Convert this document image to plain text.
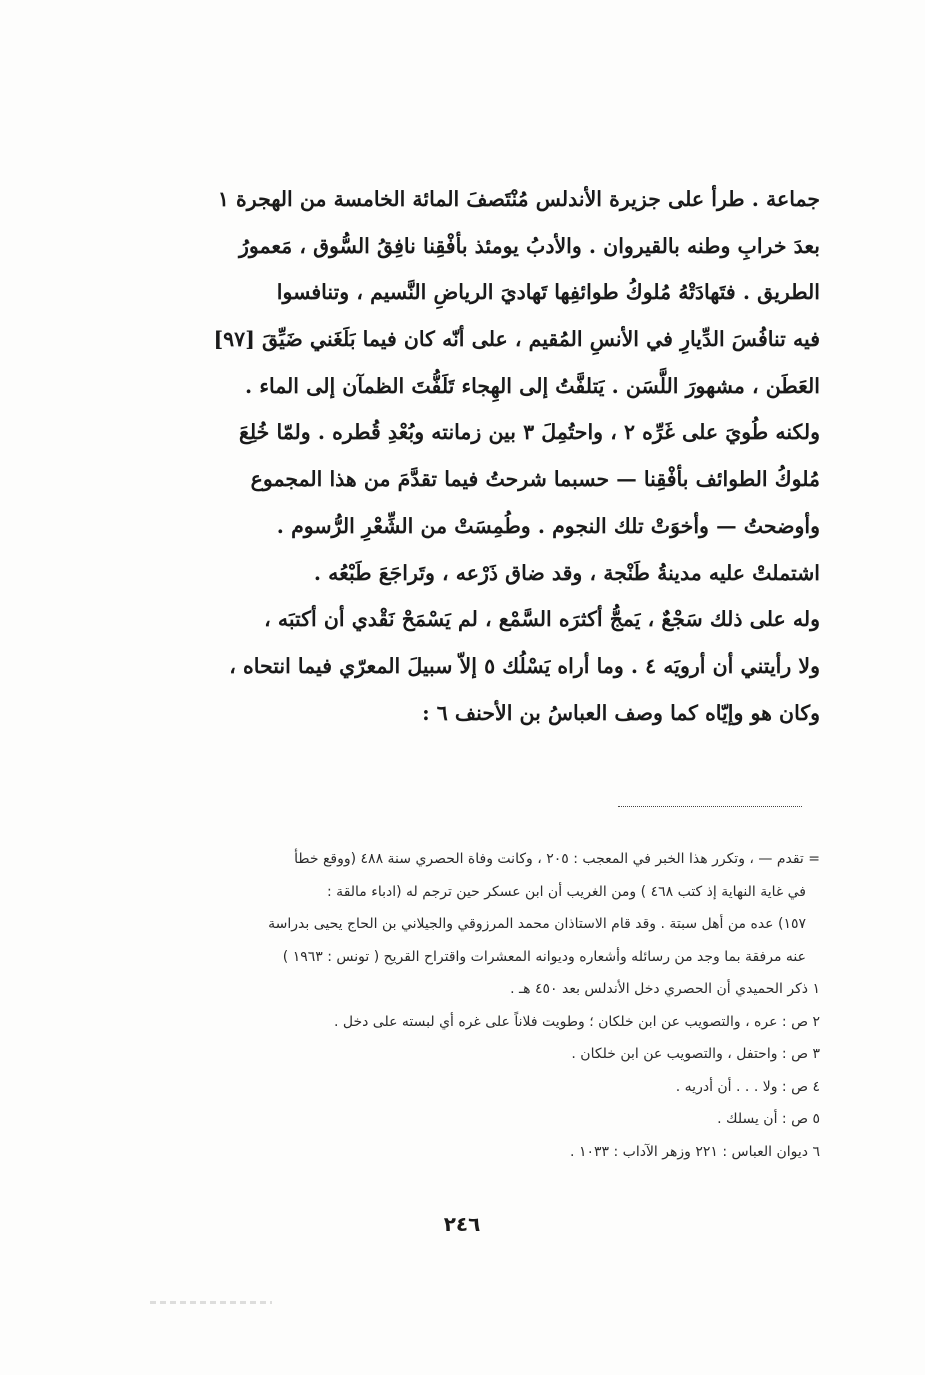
جماعة . طرأ على جزيرة الأندلس مُنْتَصفَ المائة الخامسة من الهجرة ١
بعدَ خرابِ وطنه بالقيروان . والأدبُ يومئذ بأفْقِنا نافِقُ السُّوق ، مَعمورُ
الطريق . فتَهادَتْهُ مُلوكُ طوائفِها تَهاديَ الرياضِ النَّسيم ، وتنافسوا
فيه تنافُسَ الدِّيارِ في الأنسِ المُقيم ، على أنّه كان فيما بَلَغَني ضَيِّقَ [٩٧]
العَطَن ، مشهورَ اللَّسَن . يَتلفَّتُ إلى الهِجاء تَلَفُّتَ الظمآن إلى الماء .
ولكنه طُويَ على غَرِّه ٢ ، واحتُمِلَ ٣ بين زمانته وبُعْدِ قُطره . ولمّا خُلِعَ
مُلوكُ الطوائف بأفْقِنا — حسبما شرحتُ فيما تقدَّمَ من هذا المجموع
وأوضحتُ — وأخوَتْ تلك النجوم . وطُمِسَتْ من الشِّعْرِ الرُّسوم .
اشتملتْ عليه مدينةُ طَنْجة ، وقد ضاق ذَرْعه ، وتَراجَعَ طَبْعُه .
وله على ذلك سَجْعٌ ، يَمجُّ أكثرَه السَّمْع ، لم يَسْمَحْ نَقْدي أن أكتبَه ،
ولا رأيتني أن أرويَه ٤ . وما أراه يَسْلُك ٥ إلاّ سبيلَ المعرّي فيما انتحاه ،
وكان هو وإيّاه كما وصف العباسُ بن الأحنف ٦ :
= تقدم — ، وتكرر هذا الخبر في المعجب : ٢٠٥ ، وكانت وفاة الحصري سنة ٤٨٨ (ووقع خطأ
في غاية النهاية إذ كتب ٤٦٨ ) ومن الغريب أن ابن عسكر حين ترجم له (ادباء مالقة :
١٥٧) عده من أهل سبتة . وقد قام الاستاذان محمد المرزوقي والجيلاني بن الحاج يحيى بدراسة
عنه مرفقة بما وجد من رسائله وأشعاره وديوانه المعشرات واقتراح القريح ( تونس : ١٩٦٣ )
١ ذكر الحميدي أن الحصري دخل الأندلس بعد ٤٥٠ هـ .
٢ ص : عره ، والتصويب عن ابن خلكان ؛ وطويت فلاناً على غره أي لبسته على دخل .
٣ ص : واحتفل ، والتصويب عن ابن خلكان .
٤ ص : ولا . . . أن أدريه .
٥ ص : أن يسلك .
٦ ديوان العباس : ٢٢١ وزهر الآداب : ١٠٣٣ .
٢٤٦
